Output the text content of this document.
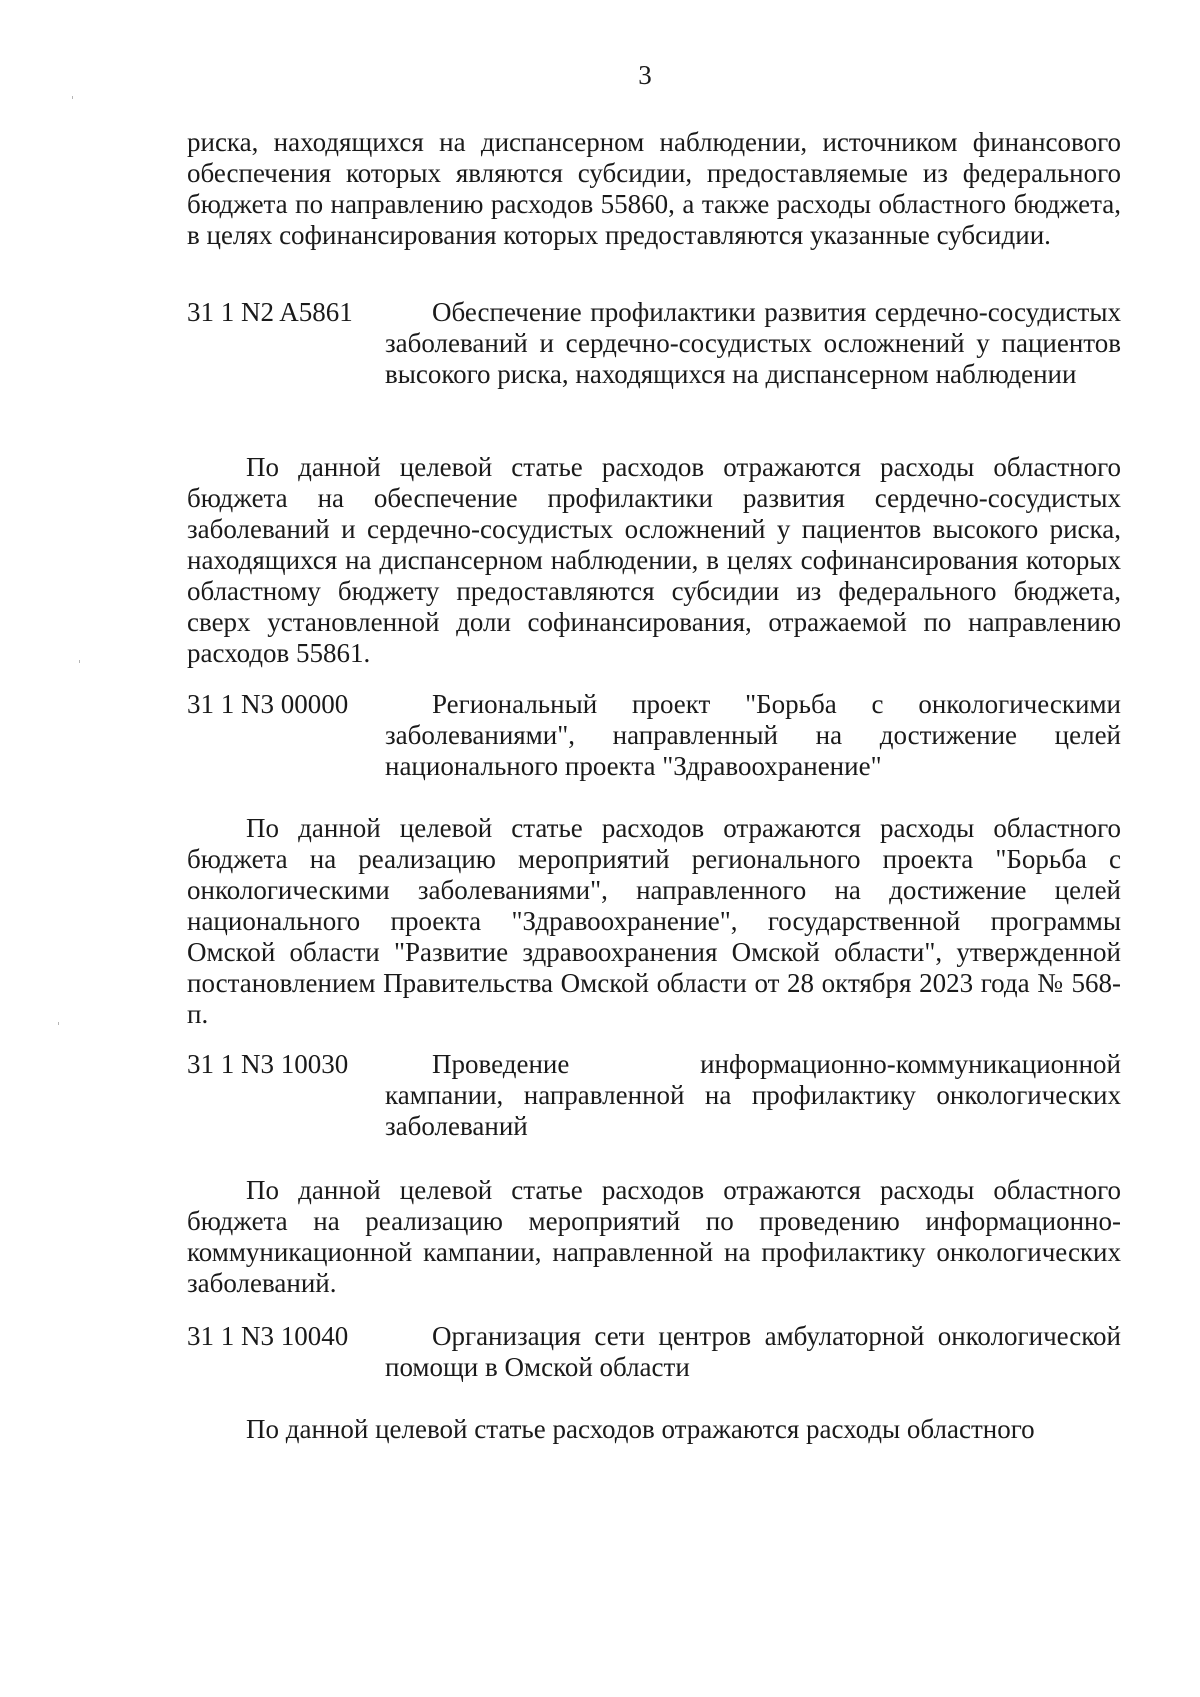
3

риска, находящихся на диспансерном наблюдении, источником финансового обеспечения которых являются субсидии, предоставляемые из федерального бюджета по направлению расходов 55860, а также расходы областного бюджета, в целях софинансирования которых предоставляются указанные субсидии.

31 1 N2 A5861	Обеспечение профилактики развития сердечно-сосудистых заболеваний и сердечно-сосудистых осложнений у пациентов высокого риска, находящихся на диспансерном наблюдении

По данной целевой статье расходов отражаются расходы областного бюджета на обеспечение профилактики развития сердечно-сосудистых заболеваний и сердечно-сосудистых осложнений у пациентов высокого риска, находящихся на диспансерном наблюдении, в целях софинансирования которых областному бюджету предоставляются субсидии из федерального бюджета, сверх установленной доли софинансирования, отражаемой по направлению расходов 55861.

31 1 N3 00000	Региональный проект "Борьба с онкологическими заболеваниями", направленный на достижение целей национального проекта "Здравоохранение"

По данной целевой статье расходов отражаются расходы областного бюджета на реализацию мероприятий регионального проекта "Борьба с онкологическими заболеваниями", направленного на достижение целей национального проекта "Здравоохранение", государственной программы Омской области "Развитие здравоохранения Омской области", утвержденной постановлением Правительства Омской области от 28 октября 2023 года № 568-п.

31 1 N3 10030	Проведение информационно-коммуникационной кампании, направленной на профилактику онкологических заболеваний

По данной целевой статье расходов отражаются расходы областного бюджета на реализацию мероприятий по проведению информационно-коммуникационной кампании, направленной на профилактику онкологических заболеваний.

31 1 N3 10040	Организация сети центров амбулаторной онкологической помощи в Омской области

По данной целевой статье расходов отражаются расходы областного
